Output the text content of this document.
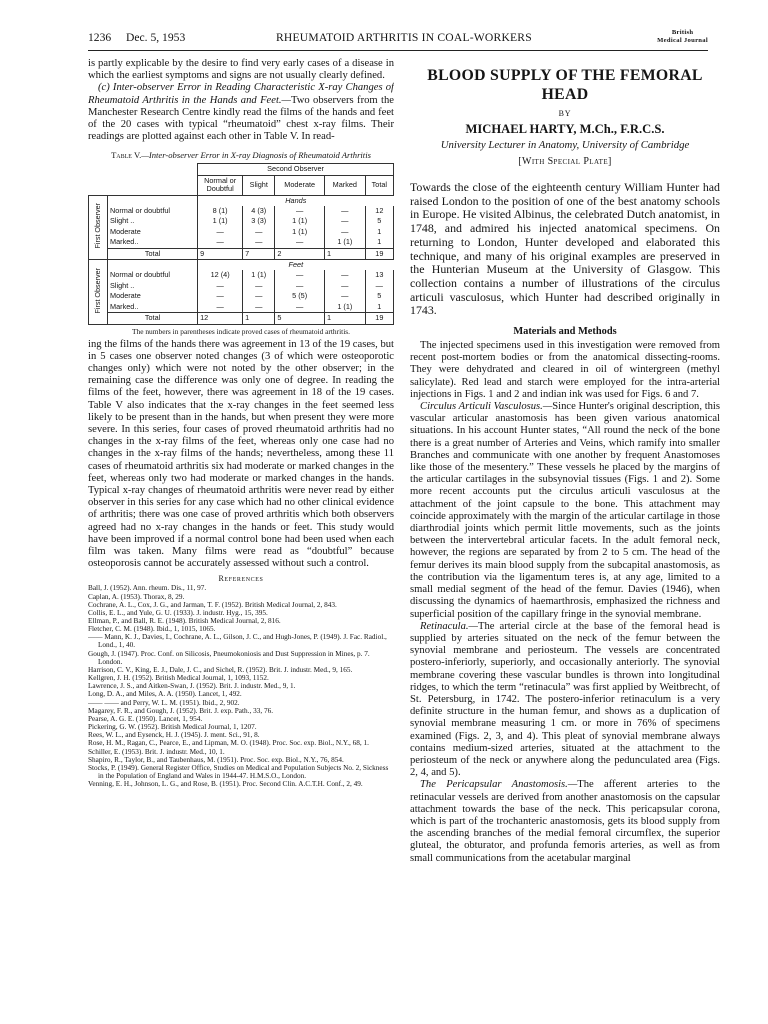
1236 Dec. 5, 1953	RHEUMATOID ARTHRITIS IN COAL-WORKERS	British
Medical Journal

is partly explicable by the desire to find very early cases of a disease in which the earliest symptoms and signs are not usually clearly defined.

(c) Inter-observer Error in Reading Characteristic X-ray Changes of Rheumatoid Arthritis in the Hands and Feet.—Two observers from the Manchester Research Centre kindly read the films of the hands and feet of the 20 cases with typical “rheumatoid” chest x-ray films. Their readings are plotted against each other in Table V. In read-

Table V.—Inter-observer Error in X-ray Diagnosis of Rheumatoid Arthritis
		Second Observer				
		Normal or Doubtful	Slight	Moderate	Marked	Total
First Observer		Hands				
	Normal or doubtful	8 (1)	4 (3)	—	—	12
	Slight ..	1 (1)	3 (3)	1 (1)	—	5
	Moderate	—	—	1 (1)	—	1
	Marked..	—	—	—	1 (1)	1
	Total	9	7	2	1	19
First Observer		Feet				
	Normal or doubtful	12 (4)	1 (1)	—	—	13
	Slight ..	—	—	—	—	—
	Moderate	—	—	5 (5)	—	5
	Marked..	—	—	—	1 (1)	1
	Total	12	1	5	1	19
The numbers in parentheses indicate proved cases of rheumatoid arthritis.

ing the films of the hands there was agreement in 13 of the 19 cases, but in 5 cases one observer noted changes (3 of which were osteoporotic changes only) which were not noted by the other observer; in the remaining case the difference was only one of degree. In reading the films of the feet, however, there was agreement in 18 of the 19 cases. Table V also indicates that the x-ray changes in the feet seemed less likely to be present than in the hands, but when present they were more severe. In this series, four cases of proved rheumatoid arthritis had no changes in the x-ray films of the feet, whereas only one case had no changes in the x-ray films of the hands; nevertheless, among these 11 cases of rheumatoid arthritis six had moderate or marked changes in the feet, whereas only two had moderate or marked changes in the hands. Typical x-ray changes of rheumatoid arthritis were never read by either observer in this series for any case which had no other clinical evidence of arthritis; there was one case of proved arthritis which both observers agreed had no x-ray changes in the hands or feet. This study would have been improved if a normal control bone had been used when each film was taken. Many films were read as “doubtful” because osteoporosis cannot be accurately assessed without such a control.

References
Ball, J. (1952). Ann. rheum. Dis., 11, 97.
Caplan, A. (1953). Thorax, 8, 29.
Cochrane, A. L., Cox, J. G., and Jarman, T. F. (1952). British Medical Journal, 2, 843.
Collis, E. L., and Yule, G. U. (1933). J. industr. Hyg., 15, 395.
Ellman, P., and Ball, R. E. (1948). British Medical Journal, 2, 816.
Fletcher, C. M. (1948). Ibid., 1, 1015, 1065.
—— Mann, K. J., Davies, I., Cochrane, A. L., Gilson, J. C., and Hugh-Jones, P. (1949). J. Fac. Radiol., Lond., 1, 40.
Gough, J. (1947). Proc. Conf. on Silicosis, Pneumokoniosis and Dust Suppression in Mines, p. 7. London.
Harrison, C. V., King, E. J., Dale, J. C., and Sichel, R. (1952). Brit. J. industr. Med., 9, 165.
Kellgren, J. H. (1952). British Medical Journal, 1, 1093, 1152.
Lawrence, J. S., and Aitken-Swan, J. (1952). Brit. J. industr. Med., 9, 1.
Long, D. A., and Miles, A. A. (1950). Lancet, 1, 492.
—— —— and Perry, W. L. M. (1951). Ibid., 2, 902.
Magarey, F. R., and Gough, J. (1952). Brit. J. exp. Path., 33, 76.
Pearse, A. G. E. (1950). Lancet, 1, 954.
Pickering, G. W. (1952). British Medical Journal, 1, 1207.
Rees, W. L., and Eysenck, H. J. (1945). J. ment. Sci., 91, 8.
Rose, H. M., Ragan, C., Pearce, E., and Lipman, M. O. (1948). Proc. Soc. exp. Biol., N.Y., 68, 1.
Schiller, E. (1953). Brit. J. industr. Med., 10, 1.
Shapiro, R., Taylor, B., and Taubenhaus, M. (1951). Proc. Soc. exp. Biol., N.Y., 76, 854.
Stocks, P. (1949). General Register Office, Studies on Medical and Population Subjects No. 2, Sickness in the Population of England and Wales in 1944-47. H.M.S.O., London.
Venning, E. H., Johnson, L. G., and Rose, B. (1951). Proc. Second Clin. A.C.T.H. Conf., 2, 49.
BLOOD SUPPLY OF THE FEMORAL HEAD
BY
MICHAEL HARTY, M.Ch., F.R.C.S.
University Lecturer in Anatomy, University of Cambridge
[With Special Plate]

Towards the close of the eighteenth century William Hunter had raised London to the position of one of the best anatomy schools in Europe. He visited Albinus, the celebrated Dutch anatomist, in 1748, and admired his injected anatomical specimens. On returning to London, Hunter developed and elaborated this technique, and many of his original examples are preserved in the Hunterian Museum at the University of Glasgow. This collection contains a number of illustrations of the circulus articuli vasculosus, which Hunter had described originally in 1743.

Materials and Methods

The injected specimens used in this investigation were removed from recent post-mortem bodies or from the anatomical dissecting-rooms. They were dehydrated and cleared in oil of wintergreen (methyl salicylate). Red lead and starch were employed for the intra-arterial injections in Figs. 1 and 2 and indian ink was used for Figs. 6 and 7.

Circulus Articuli Vasculosus.—Since Hunter's original description, this vascular articular anastomosis has been given various anatomical situations. In his account Hunter states, “All round the neck of the bone there is a great number of Arteries and Veins, which ramify into smaller Branches and communicate with one another by frequent Anastomoses like those of the mesentery.” These vessels he placed by the margins of the articular cartilages in the subsynovial tissues (Figs. 1 and 2). Some more recent accounts put the circulus articuli vasculosus at the attachment of the joint capsule to the bone. This attachment may coincide approximately with the margin of the articular cartilage in those diarthrodial joints which permit little movements, such as the joints between the intervertebral articular facets. In the adult femoral neck, however, the regions are separated by from 2 to 5 cm. The head of the femur derives its main blood supply from the subcapital anastomosis, as the contribution via the ligamentum teres is, at any age, limited to a small medial segment of the head of the femur. Davies (1946), when discussing the dynamics of haemarthrosis, emphasized the richness and superficial position of the capillary fringe in the synovial membrane.

Retinacula.—The arterial circle at the base of the femoral head is supplied by arteries situated on the neck of the femur between the synovial membrane and periosteum. The vessels are concentrated postero-inferiorly, superiorly, and occasionally anteriorly. The synovial membrane covering these vascular bundles is thrown into longitudinal ridges, to which the term “retinacula” was first applied by Weitbrecht, of St. Petersburg, in 1742. The postero-inferior retinaculum is a very definite structure in the human femur, and shows as a duplication of synovial membrane measuring 1 cm. or more in 76% of specimens examined (Figs. 2, 3, and 4). This pleat of synovial membrane always contains medium-sized arteries, situated at the attachment to the periosteum of the neck or anywhere along the pedunculated area (Figs. 2, 4, and 5).

The Pericapsular Anastomosis.—The afferent arteries to the retinacular vessels are derived from another anastomosis on the capsular attachment towards the base of the neck. This pericapsular corona, which is part of the trochanteric anastomosis, gets its blood supply from the ascending branches of the medial femoral circumflex, the superior gluteal, the obturator, and profunda femoris arteries, as well as from small communications from the acetabular marginal
